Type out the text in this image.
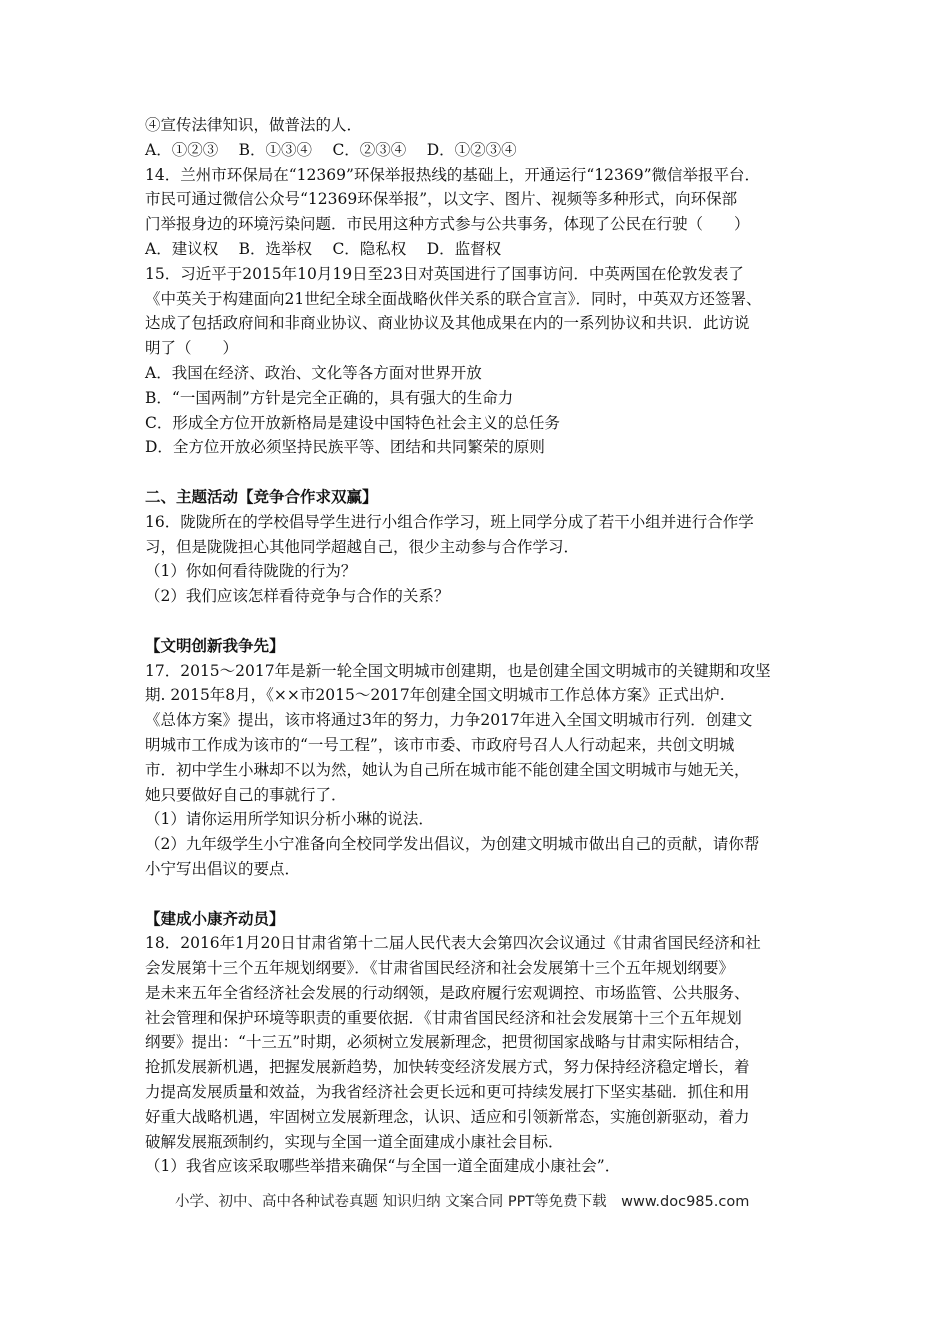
④宣传法律知识，做普法的人．
A．①②③　 B．①③④　 C．②③④　 D．①②③④
14．兰州市环保局在“12369”环保举报热线的基础上，开通运行“12369”微信举报平台．
市民可通过微信公众号“12369环保举报”，以文字、图片、视频等多种形式，向环保部
门举报身边的环境污染问题．市民用这种方式参与公共事务，体现了公民在行驶（　　）
A．建议权　 B．选举权　 C．隐私权　 D．监督权
15．习近平于2015年10月19日至23日对英国进行了国事访问．中英两国在伦敦发表了
《中英关于构建面向21世纪全球全面战略伙伴关系的联合宣言》．同时，中英双方还签署、
达成了包括政府间和非商业协议、商业协议及其他成果在内的一系列协议和共识．此访说
明了（　　）
A．我国在经济、政治、文化等各方面对世界开放
B．“一国两制”方针是完全正确的，具有强大的生命力
C．形成全方位开放新格局是建设中国特色社会主义的总任务
D．全方位开放必须坚持民族平等、团结和共同繁荣的原则
二、主题活动【竞争合作求双赢】
16．陇陇所在的学校倡导学生进行小组合作学习，班上同学分成了若干小组并进行合作学
习，但是陇陇担心其他同学超越自己，很少主动参与合作学习．
（1）你如何看待陇陇的行为？
（2）我们应该怎样看待竞争与合作的关系？
【文明创新我争先】
17．2015～2017年是新一轮全国文明城市创建期，也是创建全国文明城市的关键期和攻坚
期. 2015年8月，《××市2015～2017年创建全国文明城市工作总体方案》正式出炉.
《总体方案》提出，该市将通过3年的努力，力争2017年进入全国文明城市行列．创建文
明城市工作成为该市的“一号工程”，该市市委、市政府号召人人行动起来，共创文明城
市．初中学生小琳却不以为然，她认为自己所在城市能不能创建全国文明城市与她无关，
她只要做好自己的事就行了．
（1）请你运用所学知识分析小琳的说法．
（2）九年级学生小宁准备向全校同学发出倡议，为创建文明城市做出自己的贡献，请你帮
小宁写出倡议的要点．
【建成小康齐动员】
18．2016年1月20日甘肃省第十二届人民代表大会第四次会议通过《甘肃省国民经济和社
会发展第十三个五年规划纲要》．《甘肃省国民经济和社会发展第十三个五年规划纲要》
是未来五年全省经济社会发展的行动纲领，是政府履行宏观调控、市场监管、公共服务、
社会管理和保护环境等职责的重要依据．《甘肃省国民经济和社会发展第十三个五年规划
纲要》提出：“十三五”时期，必须树立发展新理念，把贯彻国家战略与甘肃实际相结合，
抢抓发展新机遇，把握发展新趋势，加快转变经济发展方式，努力保持经济稳定增长，着
力提高发展质量和效益，为我省经济社会更长远和更可持续发展打下坚实基础．抓住和用
好重大战略机遇，牢固树立发展新理念，认识、适应和引领新常态，实施创新驱动，着力
破解发展瓶颈制约，实现与全国一道全面建成小康社会目标．
（1）我省应该采取哪些举措来确保“与全国一道全面建成小康社会”．
小学、初中、高中各种试卷真题 知识归纳 文案合同 PPT等免费下载　www.doc985.com
